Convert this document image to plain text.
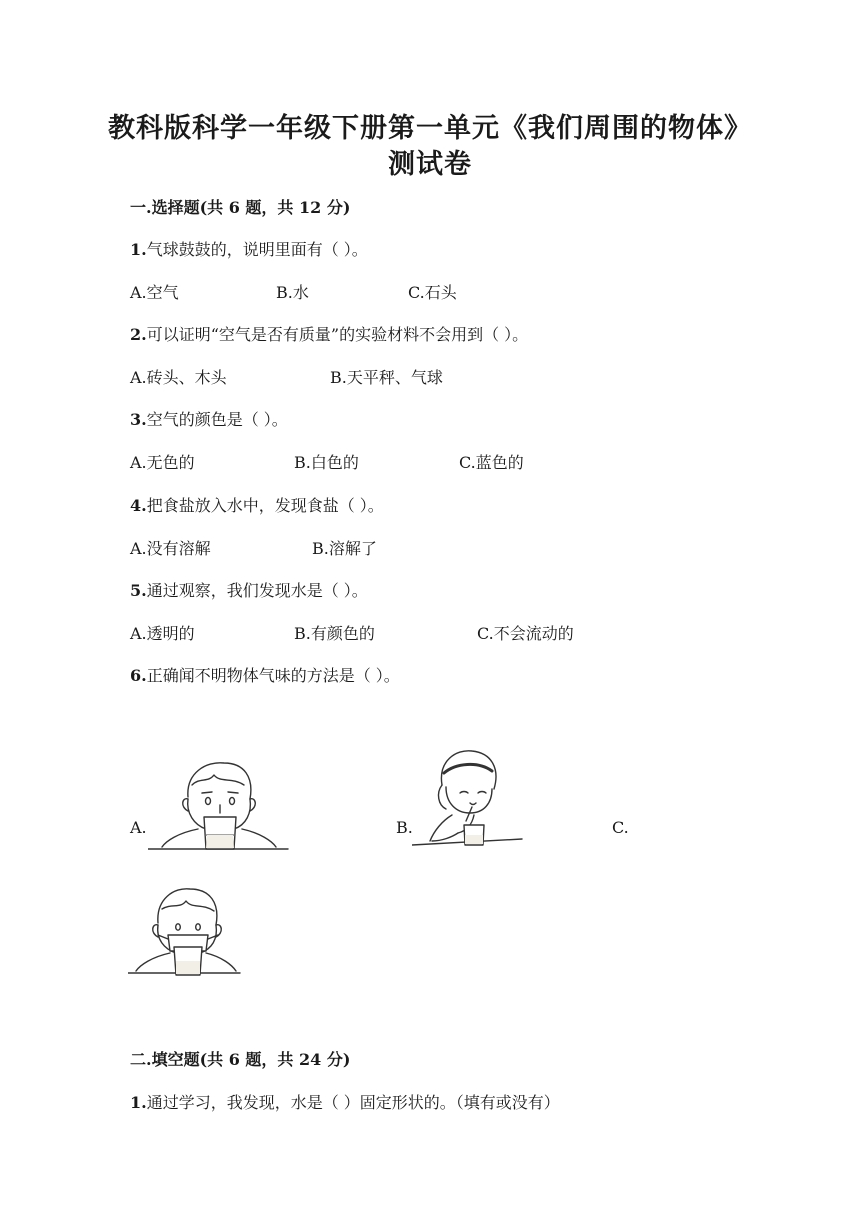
教科版科学一年级下册第一单元《我们周围的物体》
测试卷
一.选择题(共 6 题，共 12 分)
1.气球鼓鼓的，说明里面有（ ）。
A.空气	B.水	C.石头
2.可以证明“空气是否有质量”的实验材料不会用到（ ）。
A.砖头、木头	B.天平秤、气球
3.空气的颜色是（ ）。
A.无色的	B.白色的	C.蓝色的
4.把食盐放入水中，发现食盐（ ）。
A.没有溶解	B.溶解了
5.通过观察，我们发现水是（ ）。
A.透明的	B.有颜色的	C.不会流动的
6.正确闻不明物体气味的方法是（ ）。
A.	B.	C.
二.填空题(共 6 题，共 24 分)
1.通过学习，我发现，水是（ ）固定形状的。（填有或没有）
